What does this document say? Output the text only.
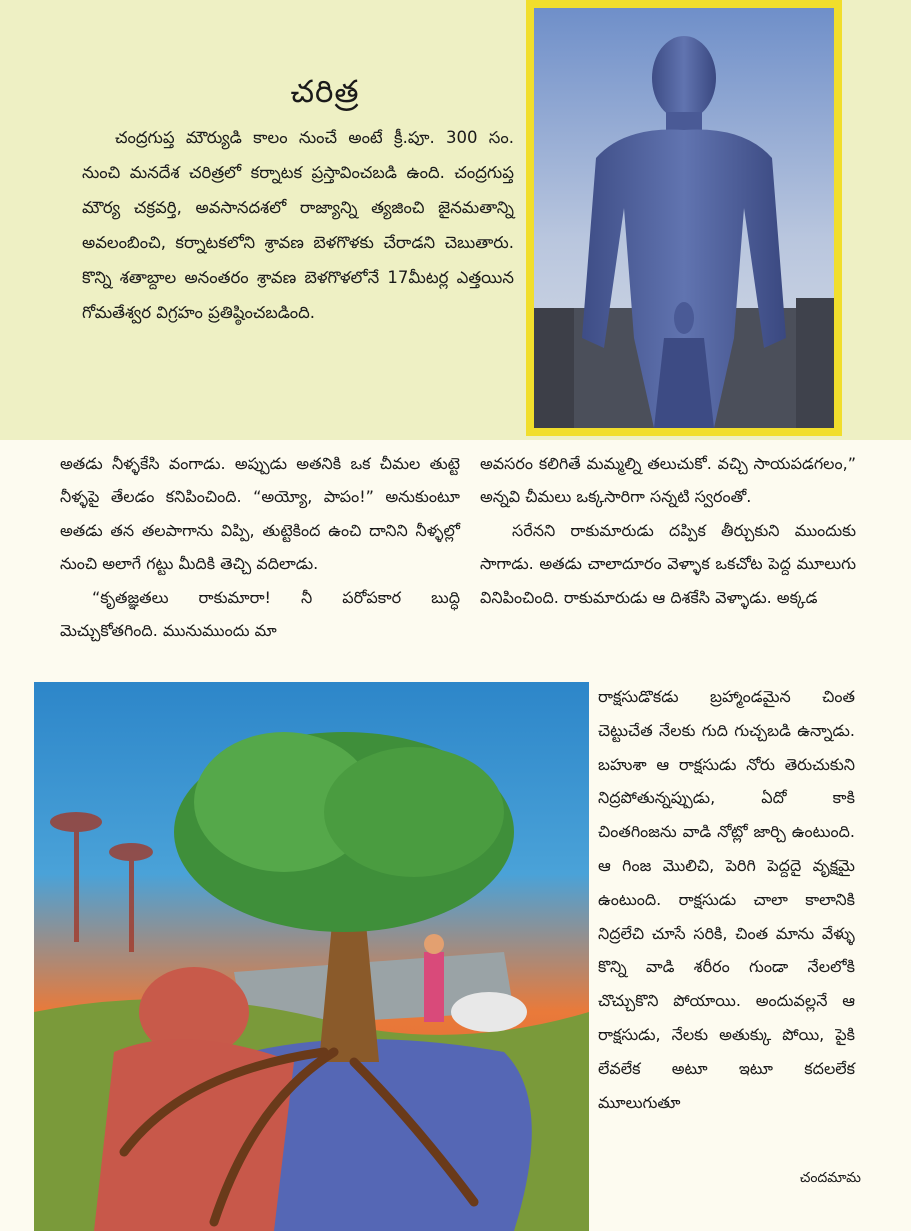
చరిత్ర

చంద్రగుప్త మౌర్యుడి కాలం నుంచే అంటే క్రీ.పూ. 300 సం. నుంచి మనదేశ చరిత్రలో కర్నాటక ప్రస్తావించబడి ఉంది. చంద్రగుప్త మౌర్య చక్రవర్తి, అవసానదశలో రాజ్యాన్ని త్యజించి జైనమతాన్ని అవలంబించి, కర్నాటకలోని శ్రావణ బెళగొళకు చేరాడని చెబుతారు. కొన్ని శతాబ్దాల అనంతరం శ్రావణ బెళగొళలోనే 17మీటర్ల ఎత్తయిన గోమతేశ్వర విగ్రహం ప్రతిష్ఠించబడింది.

అతడు నీళ్ళకేసి వంగాడు. అప్పుడు అతనికి ఒక చీమల తుట్టె నీళ్ళపై తేలడం కనిపించింది. “అయ్యో, పాపం!” అనుకుంటూ అతడు తన తలపాగాను విప్పి, తుట్టెకింద ఉంచి దానిని నీళ్ళల్లో నుంచి అలాగే గట్టు మీదికి తెచ్చి వదిలాడు.

“కృతజ్ఞతలు రాకుమారా! నీ పరోపకార బుద్ధి మెచ్చుకోతగింది. మునుముందు మా

అవసరం కలిగితే మమ్మల్ని తలుచుకో. వచ్చి సాయపడగలం,” అన్నవి చీమలు ఒక్కసారిగా సన్నటి స్వరంతో.

సరేనని రాకుమారుడు దప్పిక తీర్చుకుని ముందుకు సాగాడు. అతడు చాలాదూరం వెళ్ళాక ఒకచోట పెద్ద మూలుగు వినిపించింది. రాకుమారుడు ఆ దిశకేసి వెళ్ళాడు. అక్కడ

రాక్షసుడొకడు బ్రహ్మాండమైన చింత చెట్టుచేత నేలకు గుది గుచ్చబడి ఉన్నాడు. బహుశా ఆ రాక్షసుడు నోరు తెరుచుకుని నిద్రపోతున్నప్పుడు, ఏదో కాకి చింతగింజను వాడి నోట్లో జార్చి ఉంటుంది. ఆ గింజ మొలిచి, పెరిగి పెద్దదై వృక్షమై ఉంటుంది. రాక్షసుడు చాలా కాలానికి నిద్రలేచి చూసే సరికి, చింత మాను వేళ్ళు కొన్ని వాడి శరీరం గుండా నేలలోకి చొచ్చుకొని పోయాయి. అందువల్లనే ఆ రాక్షసుడు, నేలకు అతుక్కు పోయి, పైకి లేవలేక అటూ ఇటూ కదలలేక మూలుగుతూ

చందమామ
